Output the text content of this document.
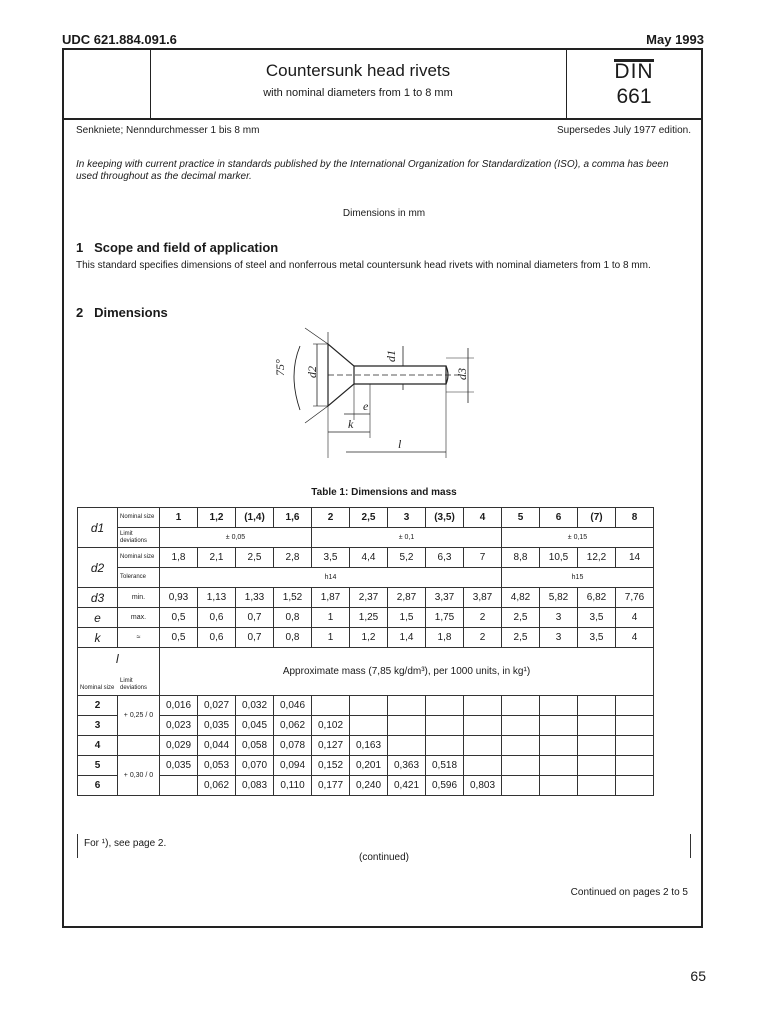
UDC 621.884.091.6	May 1993
Countersunk head rivets
with nominal diameters from 1 to 8 mm
DIN
661
Senkniete; Nenndurchmesser 1 bis 8 mm	Supersedes July 1977 edition.
In keeping with current practice in standards published by the International Organization for Standardization (ISO), a comma has been used throughout as the decimal marker.
Dimensions in mm
1   Scope and field of application
This standard specifies dimensions of steel and nonferrous metal countersunk head rivets with nominal diameters from 1 to 8 mm.
2   Dimensions
75° d2
d1
d3
e
k
l
Table 1: Dimensions and mass
d1	Nominal size	1	1,2	(1,4)	1,6	2	2,5	3	(3,5)	4	5	6	(7)	8
	Limit deviations	± 0,05				± 0,1					± 0,15			
d2	Nominal size	1,8	2,1	2,5	2,8	3,5	4,4	5,2	6,3	7	8,8	10,5	12,2	14
	Tolerance	h14									h15			
d3	min.	0,93	1,13	1,33	1,52	1,87	2,37	2,87	3,37	3,87	4,82	5,82	6,82	7,76
e	max.	0,5	0,6	0,7	0,8	1	1,25	1,5	1,75	2	2,5	3	3,5	4
k	≈	0,5	0,6	0,7	0,8	1	1,2	1,4	1,8	2	2,5	3	3,5	4

l
Nominal size
Limit deviations		Approximate mass (7,85 kg/dm³), per 1000 units, in kg¹)												
2	+ 0,25 / 0	0,016	0,027	0,032	0,046									
3		0,023	0,035	0,045	0,062	0,102								
4		0,029	0,044	0,058	0,078	0,127	0,163							
5	+ 0,30 / 0	0,035	0,053	0,070	0,094	0,152	0,201	0,363	0,518					
6			0,062	0,083	0,110	0,177	0,240	0,421	0,596	0,803				
For ¹), see page 2.
(continued)
Continued on pages 2 to 5
65
